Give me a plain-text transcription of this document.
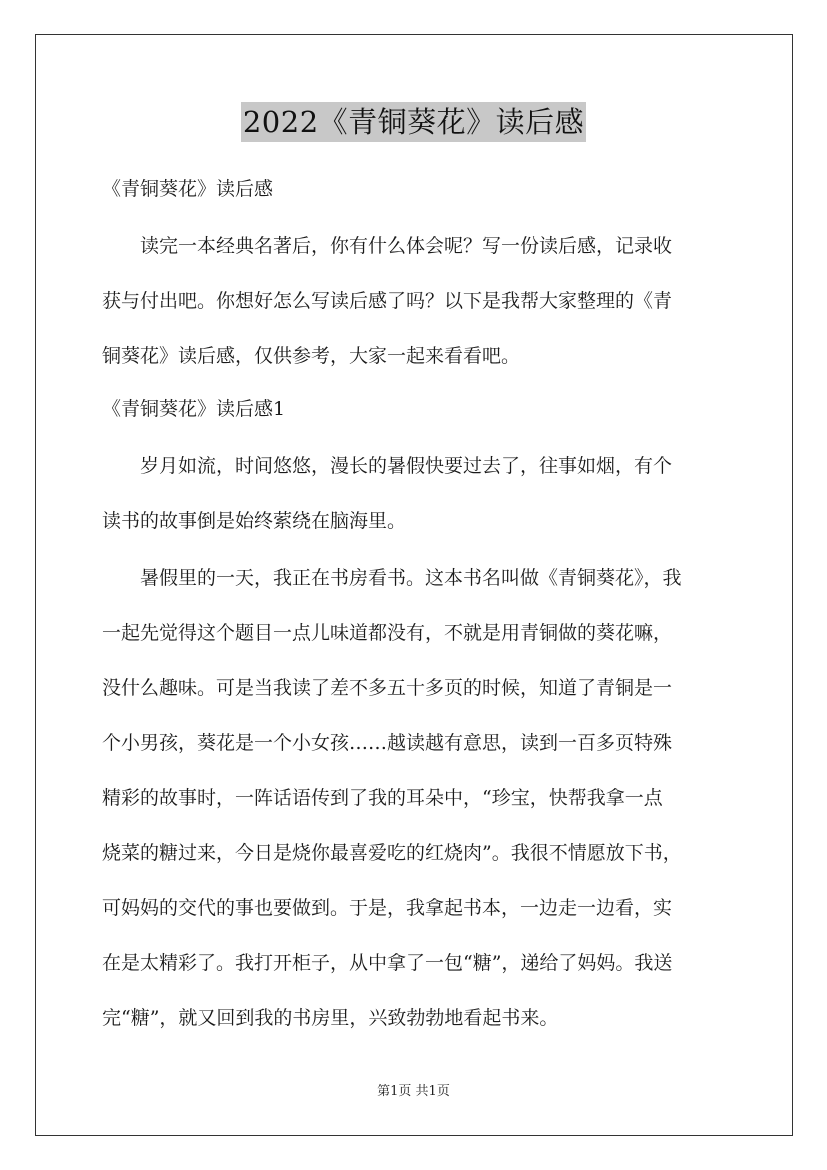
2022《青铜葵花》读后感
《青铜葵花》读后感
读完一本经典名著后，你有什么体会呢？写一份读后感，记录收
获与付出吧。你想好怎么写读后感了吗？以下是我帮大家整理的《青
铜葵花》读后感，仅供参考，大家一起来看看吧。
《青铜葵花》读后感1
岁月如流，时间悠悠，漫长的暑假快要过去了，往事如烟，有个
读书的故事倒是始终萦绕在脑海里。
暑假里的一天，我正在书房看书。这本书名叫做《青铜葵花》，我
一起先觉得这个题目一点儿味道都没有，不就是用青铜做的葵花嘛，
没什么趣味。可是当我读了差不多五十多页的时候，知道了青铜是一
个小男孩，葵花是一个小女孩……越读越有意思，读到一百多页特殊
精彩的故事时，一阵话语传到了我的耳朵中，“珍宝，快帮我拿一点
烧菜的糖过来，今日是烧你最喜爱吃的红烧肉”。我很不情愿放下书，
可妈妈的交代的事也要做到。于是，我拿起书本，一边走一边看，实
在是太精彩了。我打开柜子，从中拿了一包“糖”，递给了妈妈。我送
完“糖”，就又回到我的书房里，兴致勃勃地看起书来。
第1页 共1页
